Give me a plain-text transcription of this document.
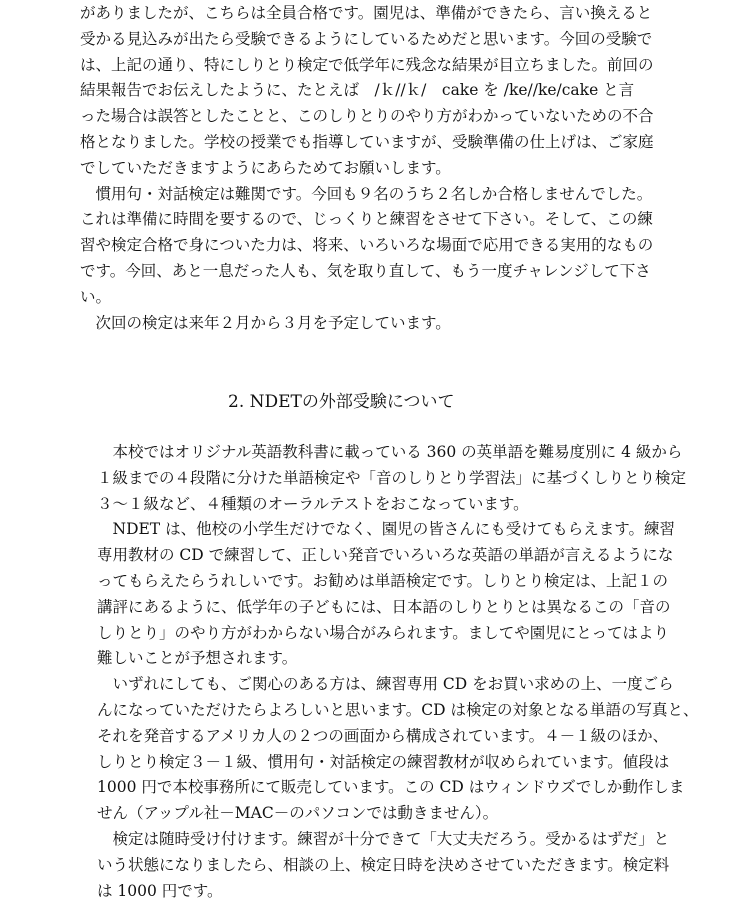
がありましたが、こちらは全員合格です。園児は、準備ができたら、言い換えると
受かる見込みが出たら受験できるようにしているためだと思います。今回の受験で
は、上記の通り、特にしりとり検定で低学年に残念な結果が目立ちました。前回の
結果報告でお伝えしたように、たとえば　/ｋ//ｋ/　cake を /ke//ke/cake と言
った場合は誤答としたことと、このしりとりのやり方がわかっていないための不合
格となりました。学校の授業でも指導していますが、受験準備の仕上げは、ご家庭
でしていただきますようにあらためてお願いします。
　慣用句・対話検定は難関です。今回も９名のうち２名しか合格しませんでした。
これは準備に時間を要するので、じっくりと練習をさせて下さい。そして、この練
習や検定合格で身についた力は、将来、いろいろな場面で応用できる実用的なもの
です。今回、あと一息だった人も、気を取り直して、もう一度チャレンジして下さ
い。
　次回の検定は来年２月から３月を予定しています。
2. NDETの外部受験について
　本校ではオリジナル英語教科書に載っている 360 の英単語を難易度別に 4 級から
１級までの４段階に分けた単語検定や「音のしりとり学習法」に基づくしりとり検定
３～１級など、４種類のオーラルテストをおこなっています。
　NDET は、他校の小学生だけでなく、園児の皆さんにも受けてもらえます。練習
専用教材の CD で練習して、正しい発音でいろいろな英語の単語が言えるようにな
ってもらえたらうれしいです。お勧めは単語検定です。しりとり検定は、上記１の
講評にあるように、低学年の子どもには、日本語のしりとりとは異なるこの「音の
しりとり」のやり方がわからない場合がみられます。ましてや園児にとってはより
難しいことが予想されます。
　いずれにしても、ご関心のある方は、練習専用 CD をお買い求めの上、一度ごら
んになっていただけたらよろしいと思います。CD は検定の対象となる単語の写真と、
それを発音するアメリカ人の２つの画面から構成されています。４－１級のほか、
しりとり検定３－１級、慣用句・対話検定の練習教材が収められています。値段は
1000 円で本校事務所にて販売しています。この CD はウィンドウズでしか動作しま
せん（アップル社－MAC－のパソコンでは動きません）。
　検定は随時受け付けます。練習が十分できて「大丈夫だろう。受かるはずだ」と
いう状態になりましたら、相談の上、検定日時を決めさせていただきます。検定料
は 1000 円です。
